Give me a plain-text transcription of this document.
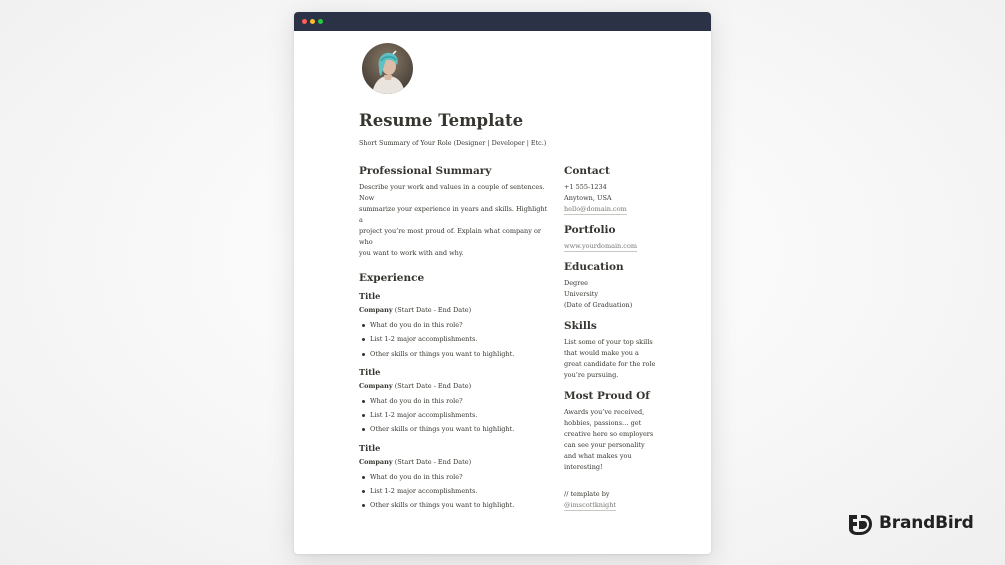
Resume Template

Short Summary of Your Role (Designer | Developer | Etc.)

Professional Summary
Describe your work and values in a couple of sentences. Now
summarize your experience in years and skills. Highlight a
project you’re most proud of. Explain what company or who
you want to work with and why.
Experience
Title
Company (Start Date - End Date)
What do you do in this role?
List 1-2 major accomplishments.
Other skills or things you want to highlight.
Title
Company (Start Date - End Date)
What do you do in this role?
List 1-2 major accomplishments.
Other skills or things you want to highlight.
Title
Company (Start Date - End Date)
What do you do in this role?
List 1-2 major accomplishments.
Other skills or things you want to highlight.
Contact
+1 555-1234
Anytown, USA
hello@domain.com
Portfolio
www.yourdomain.com
Education
Degree
University
(Date of Graduation)
Skills
List some of your top skills
that would make you a
great candidate for the role
you’re pursuing.
Most Proud Of
Awards you’ve received,
hobbies, passions… get
creative here so employers
can see your personality
and what makes you
interesting!
// template by
@imscottknight
BrandBird
